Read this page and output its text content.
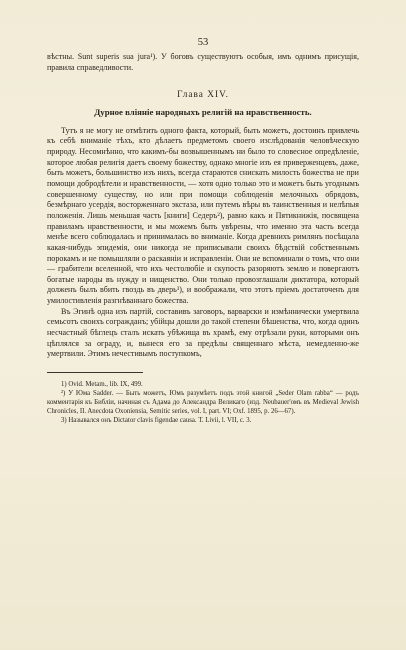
53

вѣстны. Sunt superis sua jura¹). У боговъ существуютъ особыя, имъ однимъ присущія, правила справедливости.

Глава XIV.
Дурное вліяніе народныхъ религій на нравственность.

Тутъ я не могу не отмѣтить одного факта, который, быть можетъ, достоинъ привлечь къ себѣ вниманіе тѣхъ, кто дѣлаетъ предметомъ своего изслѣдованія человѣческую природу. Несомнѣнно, что какимъ-бы возвышеннымъ ни было то словесное опредѣленіе, которое любая религія даетъ своему божеству, однако многіе изъ ея приверженцевъ, даже, быть можетъ, большинство изъ нихъ, всегда стараются снискать милость божества не при помощи добродѣтели и нравственности, — хотя одно только это и можетъ быть угоднымъ совершенному существу, но или при помощи соблюденія мелочныхъ обрядовъ, безмѣрнаго усердія, восторженнаго экстаза, или путемъ вѣры въ таинственныя и нелѣпыя положенія. Лишь меньшая часть [книги] Седеръ²), равно какъ и Пятикнижія, посвящена правиламъ нравственности, и мы можемъ быть увѣрены, что именно эта часть всегда менѣе всего соблюдалась и принималась во вниманіе. Когда древнихъ римлянъ посѣщала какая-нибудь эпидемія, они никогда не приписывали своихъ бѣдствій собственнымъ порокамъ и не помышляли о раскаяніи и исправленіи. Они не вспоминали о томъ, что они — грабители вселенной, что ихъ честолюбіе и скупость разоряютъ землю и повергаютъ богатые народы въ нужду и нищенство. Они только провозглашали диктатора, который долженъ былъ вбить гвоздь въ дверь³), и воображали, что этотъ пріемъ достаточенъ для умилостивленія разгнѣваннаго божества.

Въ Эгинѣ одна изъ партій, составивъ заговоръ, варварски и измѣннически умертвила семьсотъ своихъ согражданъ; убійцы дошли до такой степени бѣшенства, что, когда одинъ несчастный бѣглецъ сталъ искать убѣжища въ храмѣ, ему отрѣзали руки, которыми онъ цѣплялся за ограду, и, вынеся его за предѣлы священнаго мѣста, немедленно-же умертвили. Этимъ нечестивымъ поступкомъ,

1) Ovid. Metam., lib. IX, 499.

²) У Юма Sadder. — Быть можетъ, Юмъ разумѣетъ подъ этой книгой „Seder Olam rabba“ — родъ комментарія къ Библіи, начиная съ Адама до Александра Великаго (изд. Neubauer'омъ въ Medieval Jewish Chronicles, II. Anecdota Oxoniensia, Semitic series, vol. I, part. VI; Oxf. 1895, p. 26—67).

3) Назывался онъ Dictator clavis figendae causa. T. Livii, l. VII, c. 3.
